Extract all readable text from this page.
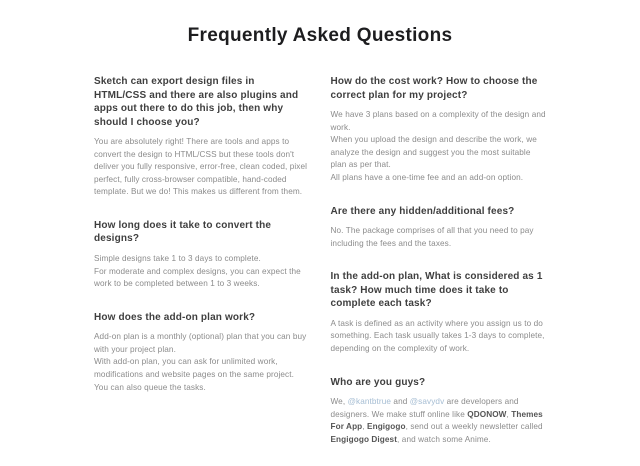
Frequently Asked Questions
Sketch can export design files in HTML/CSS and there are also plugins and apps out there to do this job, then why should I choose you?

You are absolutely right! There are tools and apps to convert the design to HTML/CSS but these tools don't deliver you fully responsive, error-free, clean coded, pixel perfect, fully cross-browser compatible, hand-coded template. But we do! This makes us different from them.

How long does it take to convert the designs?

Simple designs take 1 to 3 days to complete.

For moderate and complex designs, you can expect the work to be completed between 1 to 3 weeks.

How does the add-on plan work?

Add-on plan is a monthly (optional) plan that you can buy with your project plan.

With add-on plan, you can ask for unlimited work, modifications and website pages on the same project. You can also queue the tasks.

How do the cost work? How to choose the correct plan for my project?

We have 3 plans based on a complexity of the design and work.

When you upload the design and describe the work, we analyze the design and suggest you the most suitable plan as per that.

All plans have a one-time fee and an add-on option.

Are there any hidden/additional fees?

No. The package comprises of all that you need to pay including the fees and the taxes.

In the add-on plan, What is considered as 1 task? How much time does it take to complete each task?

A task is defined as an activity where you assign us to do something. Each task usually takes 1-3 days to complete, depending on the complexity of work.

Who are you guys?

We, @kantbtrue and @savydv are developers and designers. We make stuff online like QDONOW, Themes For App, Engigogo, send out a weekly newsletter called Engigogo Digest, and watch some Anime.
